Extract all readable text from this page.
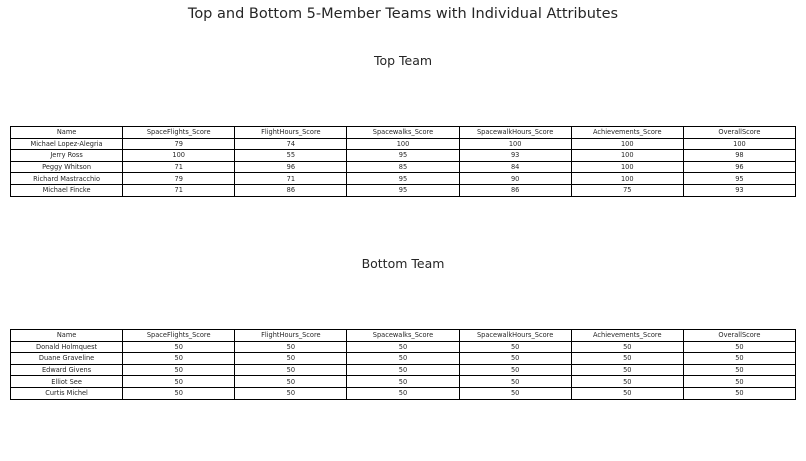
Top and Bottom 5-Member Teams with Individual Attributes
Top Team
Name	SpaceFlights_Score	FlightHours_Score	Spacewalks_Score	SpacewalkHours_Score	Achievements_Score	OverallScore
Michael Lopez-Alegria	79	74	100	100	100	100
Jerry Ross	100	55	95	93	100	98
Peggy Whitson	71	96	85	84	100	96
Richard Mastracchio	79	71	95	90	100	95
Michael Fincke	71	86	95	86	75	93
Bottom Team
Name	SpaceFlights_Score	FlightHours_Score	Spacewalks_Score	SpacewalkHours_Score	Achievements_Score	OverallScore
Donald Holmquest	50	50	50	50	50	50
Duane Graveline	50	50	50	50	50	50
Edward Givens	50	50	50	50	50	50
Elliot See	50	50	50	50	50	50
Curtis Michel	50	50	50	50	50	50
